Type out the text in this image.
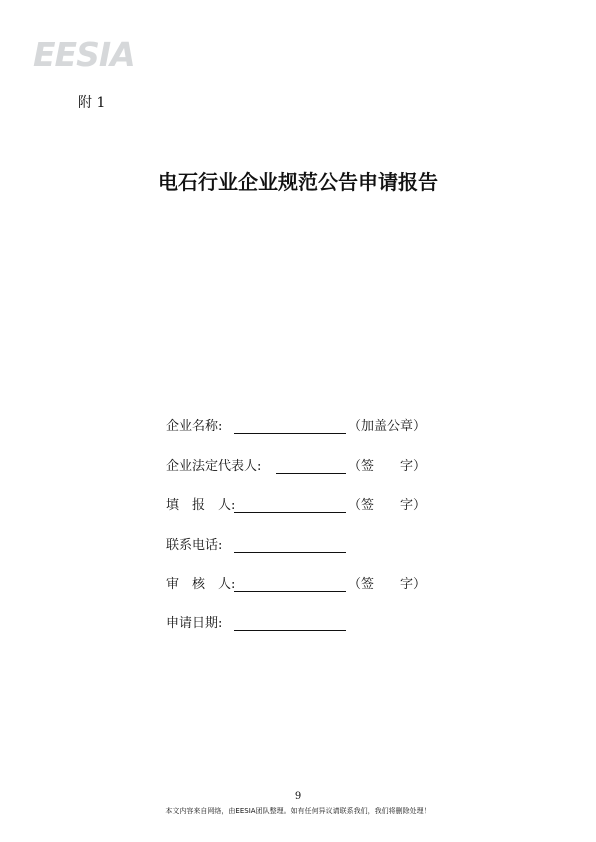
EESIA
附 1
电石行业企业规范公告申请报告
企业名称:	（加盖公章）
企业法定代表人:	（签　　字）
填　报　人:	（签　　字）
联系电话:
审　核　人:	（签　　字）
申请日期:
9
本文内容来自网络，由EESIA团队整理。如有任何异议请联系我们，我们将删除处理！
